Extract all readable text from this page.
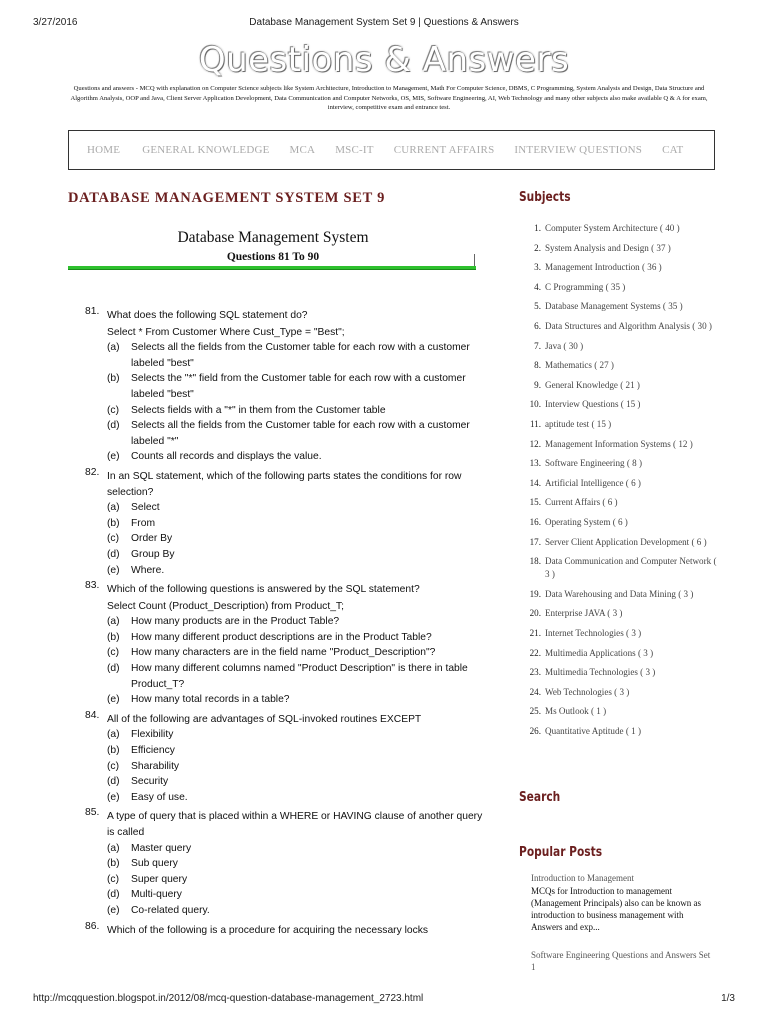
3/27/2016	Database Management System Set 9 | Questions & Answers
Questions & Answers
Questions and answers - MCQ with explanation on Computer Science subjects like System Architecture, Introduction to Management, Math For Computer Science, DBMS, C Programming, System Analysis and Design, Data Structure and Algorithm Analysis, OOP and Java, Client Server Application Development, Data Communication and Computer Networks, OS, MIS, Software Engineering, AI, Web Technology and many other subjects also make available Q & A for exam, interview, competitive exam and entrance test.
HOME GENERAL KNOWLEDGE MCA MSC-IT CURRENT AFFAIRS INTERVIEW QUESTIONS CAT
DATABASE MANAGEMENT SYSTEM SET 9
Database Management System
Questions 81 To 90
81. What does the following SQL statement do?
Select * From Customer Where Cust_Type = "Best";
(a)	Selects all the fields from the Customer table for each row with a customer labeled "best"
(b)	Selects the "*" field from the Customer table for each row with a customer labeled "best"
(c)	Selects fields with a "*" in them from the Customer table
(d)	Selects all the fields from the Customer table for each row with a customer labeled "*"
(e)	Counts all records and displays the value.
82. In an SQL statement, which of the following parts states the conditions for row selection?
(a)	Select
(b)	From
(c)	Order By
(d)	Group By
(e)	Where.
83. Which of the following questions is answered by the SQL statement?
Select Count (Product_Description) from Product_T;
(a)	How many products are in the Product Table?
(b)	How many different product descriptions are in the Product Table?
(c)	How many characters are in the field name "Product_Description"?
(d)	How many different columns named "Product Description" is there in table Product_T?
(e)	How many total records in a table?
84. All of the following are advantages of SQL-invoked routines EXCEPT
(a)	Flexibility
(b)	Efficiency
(c)	Sharability
(d)	Security
(e)	Easy of use.
85. A type of query that is placed within a WHERE or HAVING clause of another query is called
(a)	Master query
(b)	Sub query
(c)	Super query
(d)	Multi-query
(e)	Co-related query.
86. Which of the following is a procedure for acquiring the necessary locks
Subjects
1. Computer System Architecture ( 40 )
2. System Analysis and Design ( 37 )
3. Management Introduction ( 36 )
4. C Programming ( 35 )
5. Database Management Systems ( 35 )
6. Data Structures and Algorithm Analysis ( 30 )
7. Java ( 30 )
8. Mathematics ( 27 )
9. General Knowledge ( 21 )
10. Interview Questions ( 15 )
11. aptitude test ( 15 )
12. Management Information Systems ( 12 )
13. Software Engineering ( 8 )
14. Artificial Intelligence ( 6 )
15. Current Affairs ( 6 )
16. Operating System ( 6 )
17. Server Client Application Development ( 6 )
18. Data Communication and Computer Network ( 3 )
19. Data Warehousing and Data Mining ( 3 )
20. Enterprise JAVA ( 3 )
21. Internet Technologies ( 3 )
22. Multimedia Applications ( 3 )
23. Multimedia Technologies ( 3 )
24. Web Technologies ( 3 )
25. Ms Outlook ( 1 )
26. Quantitative Aptitude ( 1 )
Search
Popular Posts
Introduction to Management
MCQs for Introduction to management (Management Principals) also can be known as introduction to business management with Answers and exp...
Software Engineering Questions and Answers Set 1
http://mcqquestion.blogspot.in/2012/08/mcq-question-database-management_2723.html	1/3
